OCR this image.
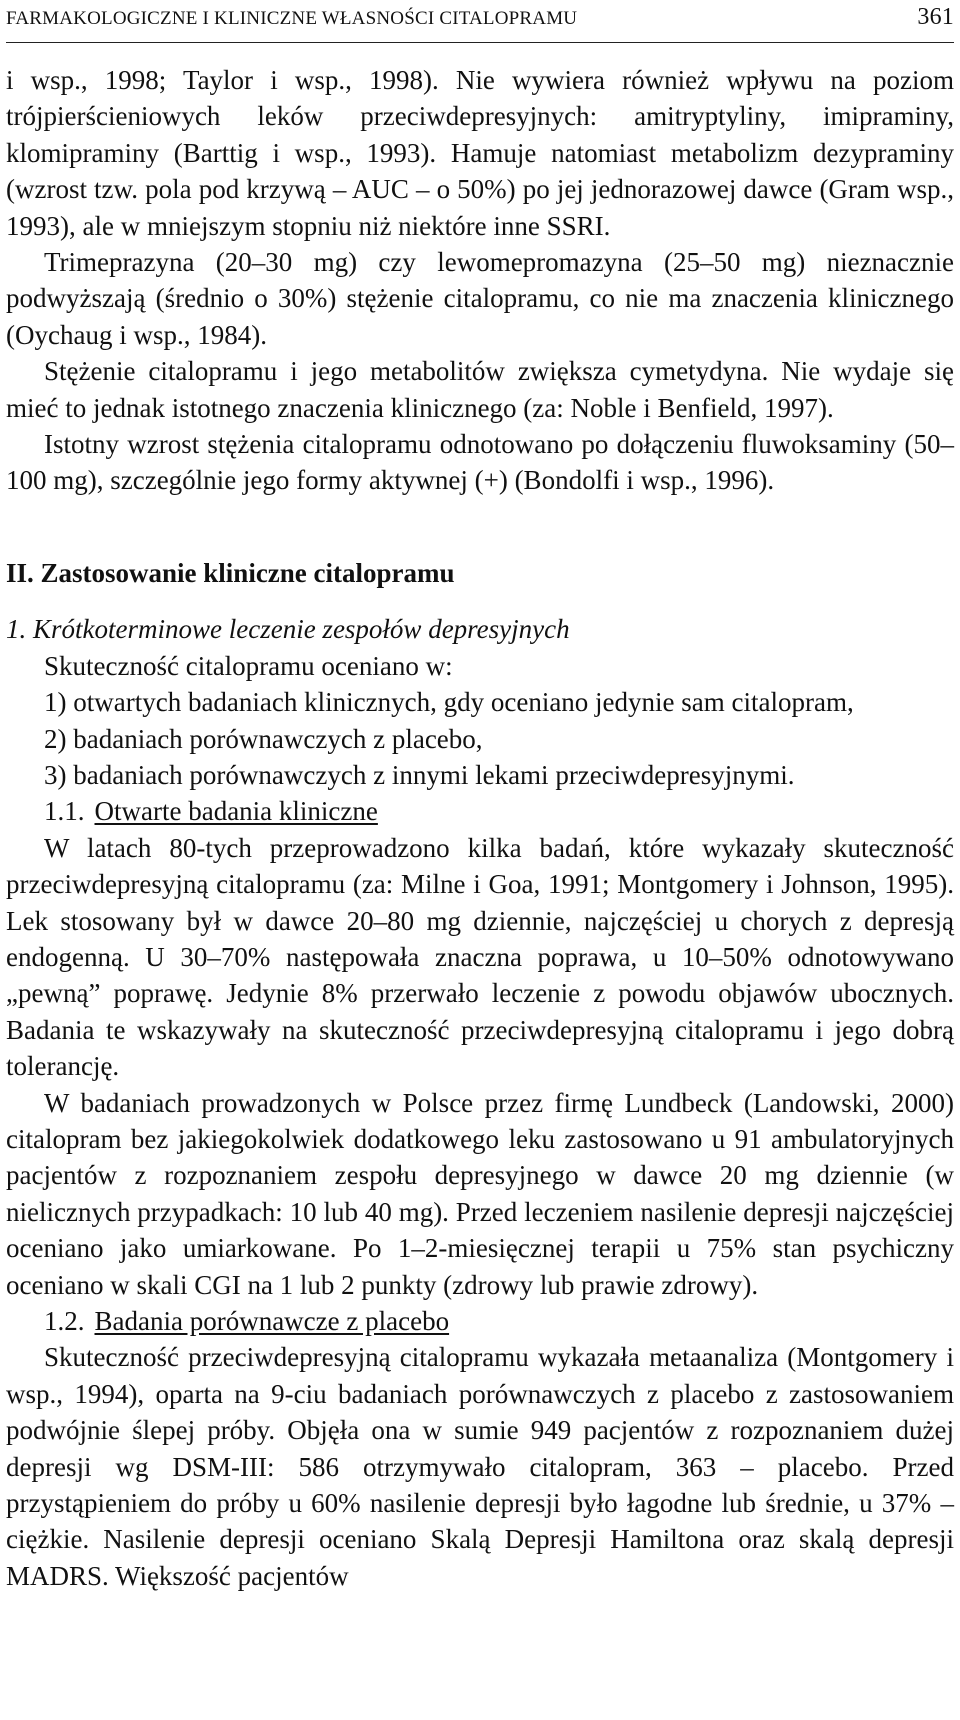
FARMAKOLOGICZNE I KLINICZNE WŁASNOŚCI CITALOPRAMU	361

i wsp., 1998; Taylor i wsp., 1998). Nie wywiera również wpływu na poziom trójpierścieniowych leków przeciwdepresyjnych: amitryptyliny, imipraminy, klomipraminy (Barttig i wsp., 1993). Hamuje natomiast metabolizm dezypraminy (wzrost tzw. pola pod krzywą – AUC – o 50%) po jej jednorazowej dawce (Gram wsp., 1993), ale w mniejszym stopniu niż niektóre inne SSRI.

Trimeprazyna (20–30 mg) czy lewomepromazyna (25–50 mg) nieznacznie podwyższają (średnio o 30%) stężenie citalopramu, co nie ma znaczenia klinicznego (Oychaug i wsp., 1984).

Stężenie citalopramu i jego metabolitów zwiększa cymetydyna. Nie wydaje się mieć to jednak istotnego znaczenia klinicznego (za: Noble i Benfield, 1997).

Istotny wzrost stężenia citalopramu odnotowano po dołączeniu fluwoksaminy (50–100 mg), szczególnie jego formy aktywnej (+) (Bondolfi i wsp., 1996).

II. Zastosowanie kliniczne citalopramu

1. Krótkoterminowe leczenie zespołów depresyjnych

Skuteczność citalopramu oceniano w:

1) otwartych badaniach klinicznych, gdy oceniano jedynie sam citalopram,

2) badaniach porównawczych z placebo,

3) badaniach porównawczych z innymi lekami przeciwdepresyjnymi.

1.1. Otwarte badania kliniczne

W latach 80-tych przeprowadzono kilka badań, które wykazały skuteczność przeciwdepresyjną citalopramu (za: Milne i Goa, 1991; Montgomery i Johnson, 1995). Lek stosowany był w dawce 20–80 mg dziennie, najczęściej u chorych z depresją endogenną. U 30–70% następowała znaczna poprawa, u 10–50% odnotowywano „pewną” poprawę. Jedynie 8% przerwało leczenie z powodu objawów ubocznych. Badania te wskazywały na skuteczność przeciwdepresyjną citalopramu i jego dobrą tolerancję.

W badaniach prowadzonych w Polsce przez firmę Lundbeck (Landowski, 2000) citalopram bez jakiegokolwiek dodatkowego leku zastosowano u 91 ambulatoryjnych pacjentów z rozpoznaniem zespołu depresyjnego w dawce 20 mg dziennie (w nielicznych przypadkach: 10 lub 40 mg). Przed leczeniem nasilenie depresji najczęściej oceniano jako umiarkowane. Po 1–2-miesięcznej terapii u 75% stan psychiczny oceniano w skali CGI na 1 lub 2 punkty (zdrowy lub prawie zdrowy).

1.2. Badania porównawcze z placebo

Skuteczność przeciwdepresyjną citalopramu wykazała metaanaliza (Montgomery i wsp., 1994), oparta na 9-ciu badaniach porównawczych z placebo z zastosowaniem podwójnie ślepej próby. Objęła ona w sumie 949 pacjentów z rozpoznaniem dużej depresji wg DSM-III: 586 otrzymywało citalopram, 363 – placebo. Przed przystąpieniem do próby u 60% nasilenie depresji było łagodne lub średnie, u 37% – ciężkie. Nasilenie depresji oceniano Skalą Depresji Hamiltona oraz skalą depresji MADRS. Większość pacjentów
